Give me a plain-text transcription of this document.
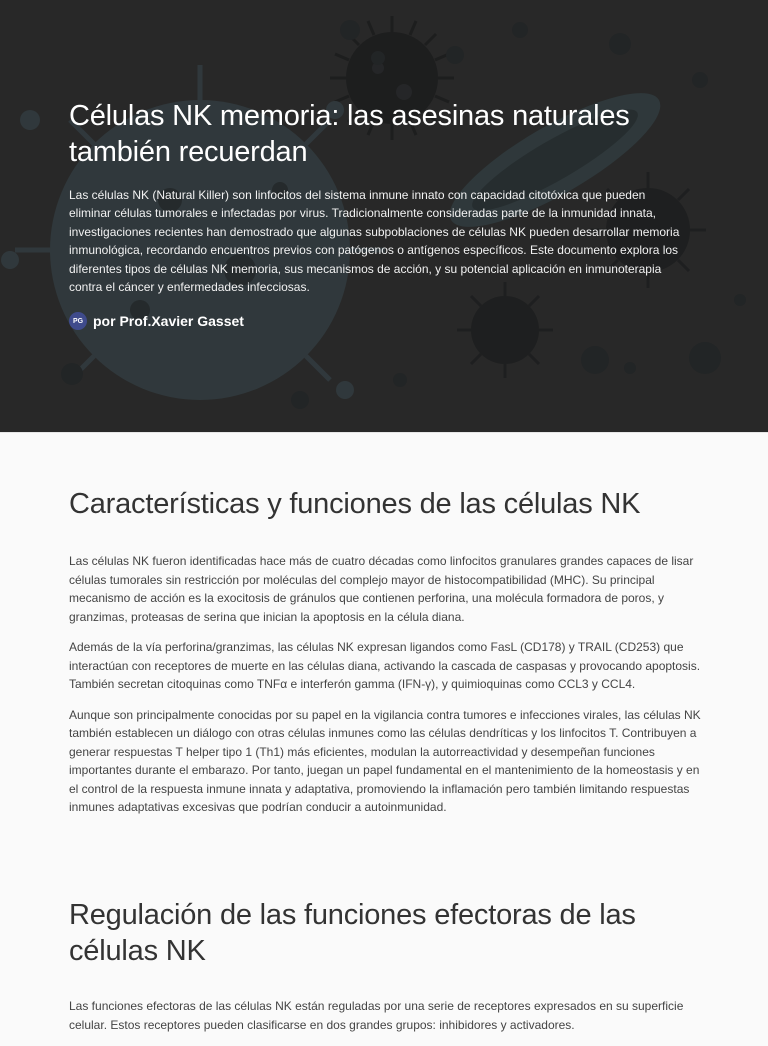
Células NK memoria: las asesinas naturales también recuerdan

Las células NK (Natural Killer) son linfocitos del sistema inmune innato con capacidad citotóxica que pueden eliminar células tumorales e infectadas por virus. Tradicionalmente consideradas parte de la inmunidad innata, investigaciones recientes han demostrado que algunas subpoblaciones de células NK pueden desarrollar memoria inmunológica, recordando encuentros previos con patógenos o antígenos específicos. Este documento explora los diferentes tipos de células NK memoria, sus mecanismos de acción, y su potencial aplicación en inmunoterapia contra el cáncer y enfermedades infecciosas.

PG por Prof.Xavier Gasset
Características y funciones de las células NK

Las células NK fueron identificadas hace más de cuatro décadas como linfocitos granulares grandes capaces de lisar células tumorales sin restricción por moléculas del complejo mayor de histocompatibilidad (MHC). Su principal mecanismo de acción es la exocitosis de gránulos que contienen perforina, una molécula formadora de poros, y granzimas, proteasas de serina que inician la apoptosis en la célula diana.

Además de la vía perforina/granzimas, las células NK expresan ligandos como FasL (CD178) y TRAIL (CD253) que interactúan con receptores de muerte en las células diana, activando la cascada de caspasas y provocando apoptosis. También secretan citoquinas como TNFα e interferón gamma (IFN-γ), y quimioquinas como CCL3 y CCL4.

Aunque son principalmente conocidas por su papel en la vigilancia contra tumores e infecciones virales, las células NK también establecen un diálogo con otras células inmunes como las células dendríticas y los linfocitos T. Contribuyen a generar respuestas T helper tipo 1 (Th1) más eficientes, modulan la autorreactividad y desempeñan funciones importantes durante el embarazo. Por tanto, juegan un papel fundamental en el mantenimiento de la homeostasis y en el control de la respuesta inmune innata y adaptativa, promoviendo la inflamación pero también limitando respuestas inmunes adaptativas excesivas que podrían conducir a autoinmunidad.

Regulación de las funciones efectoras de las células NK

Las funciones efectoras de las células NK están reguladas por una serie de receptores expresados en su superficie celular. Estos receptores pueden clasificarse en dos grandes grupos: inhibidores y activadores.
